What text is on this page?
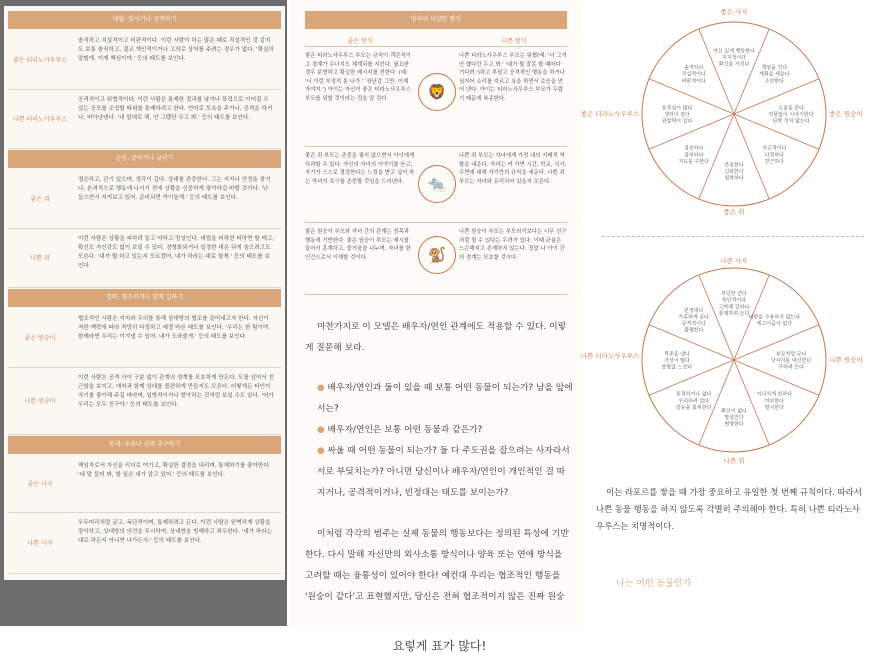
대립: 맞서거나 공격하기
좋은 티라노사우루스
솔직하고 직설적이고 비판적이다. 이런 사람이 하는 많은 때로 직설적인 것 같지도 보통 솔직하고, 결코 개인적이거나 고의로 상처를 주려는 경우가 없다. '확실히 말할게. 이게 핵심이야.' 등의 태도를 보인다.
나쁜 티라노사우루스
공격적이고 위협적이다. 이런 사람은 통제한 결과를 낳거나 폭력으로 이어질 수 있는 공포를 조성할 따위를 통제하려고 한다. 언어로 모욕을 주거나, 공격을 하거나, 비아냥댄다. '내 말대로 해, 안 그랬단 두고 봐.' 등의 태도를 보인다.
순응: 굴하거나 굽히기
좋은 쥐
겸손하고, 관기 있으며, 생각이 깊다. 상대를 존중한다. 그는 지지나 안정을 찾거나, 본격적으로 행동에 나서기 전에 상황을 신중하게 평가하길 바랄 것이다. '난 들으면서 지켜보고 있어. 준비되면 까이둘게.' 등의 태도를 보인다.
나쁜 쥐
이런 사람은 상황을 피하려 들고 약하고 망설인다. 대립을 피하련 피하면 할 테고, 확신도 자신감도 없이 보일 수 있다. 경형화되거나 일정한 대은 뒤에 숨으려고도 모른다. '내가 뭘 하고 있는지 모르겠어, 네가 하라는 대로 할게.' 등의 태도를 보인다.
협력: 협조하거나 함께 일하기
좋은 원숭이
협조적인 사람은 지지와 우의를 통해 상대방의 협조를 끌어내고자 한다. 자신이 저한 맥락에 따라 적당히 다정하고 예절 바른 태도를 보인다. '우리는 한 팀이야. 함께라면 우리는 이겨낼 수 있어. 내가 도와줄게.' 등의 태도를 보인다.
나쁜 원숭이
이런 사람은 공격 사이 구분 없이 관계의 경계를 모호하게 만든다. 도를 넘어서 친근함을 보이고, 애착과 함께 상대를 불편하게 만들지도 모른다. 어떻게든 타인이 자기를 좋아해 주길 바라며, 일방적이거나 발악하는 것처럼 보일 수도 있다. '어가 우리는 모두 친구야.' 등의 태도를 보인다.
통제: 우위나 권력 추구하기
좋은 사자
책임자로서 자신을 리더로 여기고, 확실한 결정을 내리며, 통제하기를 좋아한다. '내 말 들어 봐, 할 일은 내가 알고 있어.' 등의 태도를 보인다.
나쁜 사자
우두머리처럼 굴고, 독단적이며, 통제하려고 든다. 이런 사람은 완벽하게 상황을 장악하고, 상대방의 의견을 무시하며, 상대방을 방해하고 좌우한다. '내가 하라는 대로 하든지 아니면 나가든지.' 등의 태도를 보인다.
양육의 다양한 방식
좋은 방식	나쁜 방식
좋은 티라노사우루스 부모는 규칙이 객관적이고 경계가 무너지도 체계되를 지킨다. 필요한 경우 분명하고 확실한 메시지를 전한다. (예: '너 이런 부정적 툰 나가.' '장난감 그만. 이제 자야지.') 아이는 자신이 좋은 티라노사우루스 부모를 위할 것이라는 것을 알 것다.	🦁
나쁜 티라노사우루스 부모는 위협(예: '너 그거 안 했다간 두고 봐.' '네가 뭘 잘못 할 때마다 기다려.')하고 부담고 공격적인 행동을 하거나 심지어 소리를 지르고 욕을 하면서 순응을 얻어 낸다. 아이는 티라노사우루스 부모가 두렵기 때문에 복종한다.
좋은 쥐 부모는 존중을 필지 않으면서 아이에게 사과할 수 있다. 자신의 자녀의 이야기를 듣고, 자기가 스스로 결정한다는 느낌을 받고 싶어 하는 자녀의 욕구를 존중할 것임을 드러낸다.	🐀
나쁜 쥐 부모는 자녀에게 가정 내의 지배적 역할을 내준다. 자녀는 커 가면 시간, 학교, 식사, 수면에 대해 자기만의 규칙을 세운다. 나쁜 쥐 부모는 자녀와 유리되어 있을지 모른다.
좋은 원숭이 부모와 자녀 간의 관계는 친목과 행동에 기반한다. 좋은 원숭이 부모는 예시를 들어서 훈계하고, 즐거움을 나누며, 자녀를 한 인간으로서 이해할 것이다.	🐒
나쁜 원숭이 부모는 부모라기보다는 너무 친구처럼 될 수 있다는 우려가 있다. 이때 규율은 느슨해지고 존재하지 않는다. 정말 나 아이 간의 경계는 모호할 것이다.
마찬가지로 이 모델은 배우자/연인 관계에도 적용할 수 있다. 이렇게 질문해 보라.
● 배우자/연인과 둘이 있을 때 보통 어떤 동물이 되는가? 남을 앞에서는?
● 배우자/연인은 보통 어떤 동물과 같은가?
● 싸울 때 어떤 동물이 되는가? 둘 다 주도권을 잡으려는 사자라서 서로 부딪치는가? 아니면 당신이나 배우자/연인이 개인적인 걸 따지거나, 공격적이거나, 빈정대는 태도를 보이는가?
이처럼 각각의 범주는 실제 동물의 행동보다는 정의된 특성에 기반한다. 다시 말해 자신만의 외사소통 방식이나 양육 또는 연애 방식을 고려할 때는 융통성이 있어야 한다! 예컨대 우리는 협조적인 행동을 '원숭이 같다'고 표현했지만, 당신은 전혀 협조적이지 않은 진짜 원숭
자신 있게 행동한다 지지적이다 확신을 가진다
책임을 진다 계획을 세운다 조언한다
도움을 준다 허물없이 이야기한다 단짝 정처 않는다
사교적이다 다정하다 친근하다
존중한다 신뢰한다 침착하다
겸손하다 겸허하다 지도를 구한다
동정심이 많다 생각이 깊다 관찰력이 있다
솔직하다 직설적이다 비판적이다
좋은 사자
좋은 쥐
좋은 티라노사우루스	좋은 원숭이
부당한 군다 독단적이다 고학해 강하다 통제하려 든다
비판을 수용하지 않는다 에고이즘이 없다
부모처럼 군다 당사자를 대신한다 구하려 든다
지나치게 친하다 미부한다 말시한다
확신이 없다 망설인다 변명한다
동정하거나 없다 우리하려 얼다 갈등을 회피한다
복종을 낸다 가성이 많다 분함을 느낀다
빈정대다 가혹하게 군다 공격적이다 불평한다
나쁜 사자
나쁜 쥐
나쁜 티라노사우루스	나쁜 원숭이
이는 라포르를 쌓을 때 가장 중요하고 유일한 첫 번째 규칙이다. 따라서 나쁜 동물 행동을 하지 않도록 각별히 주의해야 한다. 특히 나쁜 티라노사우루스는 치명적이다.
나는 어떤 동물인가
요렇게 표가 많다!
